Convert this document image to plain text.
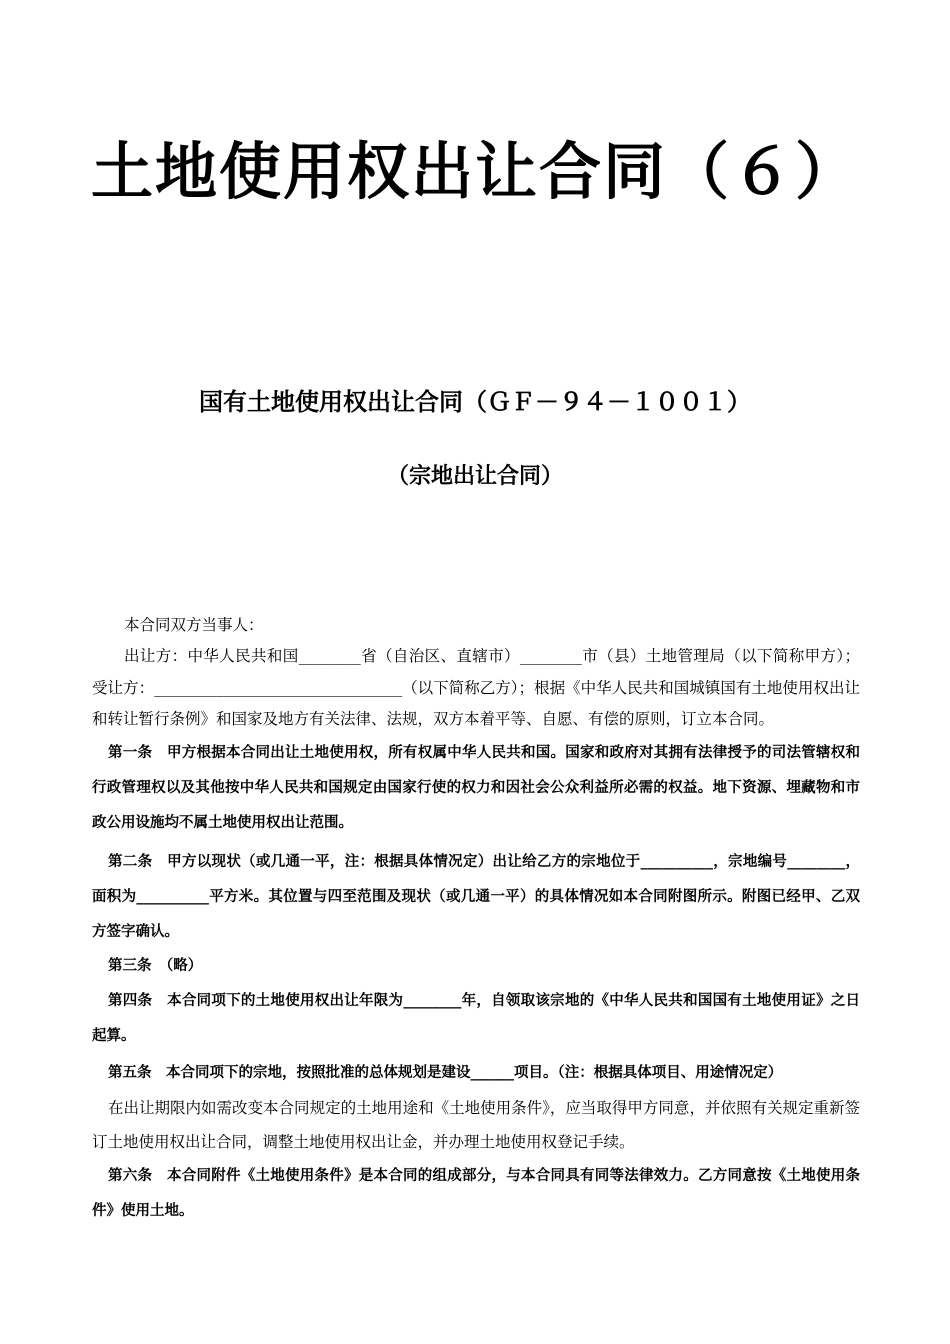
土地使用权出让合同（６）
国有土地使用权出让合同（ＧＦ－９４－１００１）
（宗地出让合同）

本合同双方当事人：

出让方：中华人民共和国________省（自治区、直辖市）________市（县）土地管理局（以下简称甲方）；受让方：________________________________（以下简称乙方）；根据《中华人民共和国城镇国有土地使用权出让和转让暂行条例》和国家及地方有关法律、法规，双方本着平等、自愿、有偿的原则，订立本合同。

第一条　甲方根据本合同出让土地使用权，所有权属中华人民共和国。国家和政府对其拥有法律授予的司法管辖权和行政管理权以及其他按中华人民共和国规定由国家行使的权力和因社会公众利益所必需的权益。地下资源、埋藏物和市政公用设施均不属土地使用权出让范围。

第二条　甲方以现状（或几通一平，注：根据具体情况定）出让给乙方的宗地位于__________，宗地编号________，面积为__________平方米。其位置与四至范围及现状（或几通一平）的具体情况如本合同附图所示。附图已经甲、乙双方签字确认。

第三条　（略）

第四条　本合同项下的土地使用权出让年限为________年，自领取该宗地的《中华人民共和国国有土地使用证》之日起算。

第五条　本合同项下的宗地，按照批准的总体规划是建设______项目。（注：根据具体项目、用途情况定）

在出让期限内如需改变本合同规定的土地用途和《土地使用条件》，应当取得甲方同意，并依照有关规定重新签订土地使用权出让合同，调整土地使用权出让金，并办理土地使用权登记手续。

第六条　本合同附件《土地使用条件》是本合同的组成部分，与本合同具有同等法律效力。乙方同意按《土地使用条件》使用土地。
